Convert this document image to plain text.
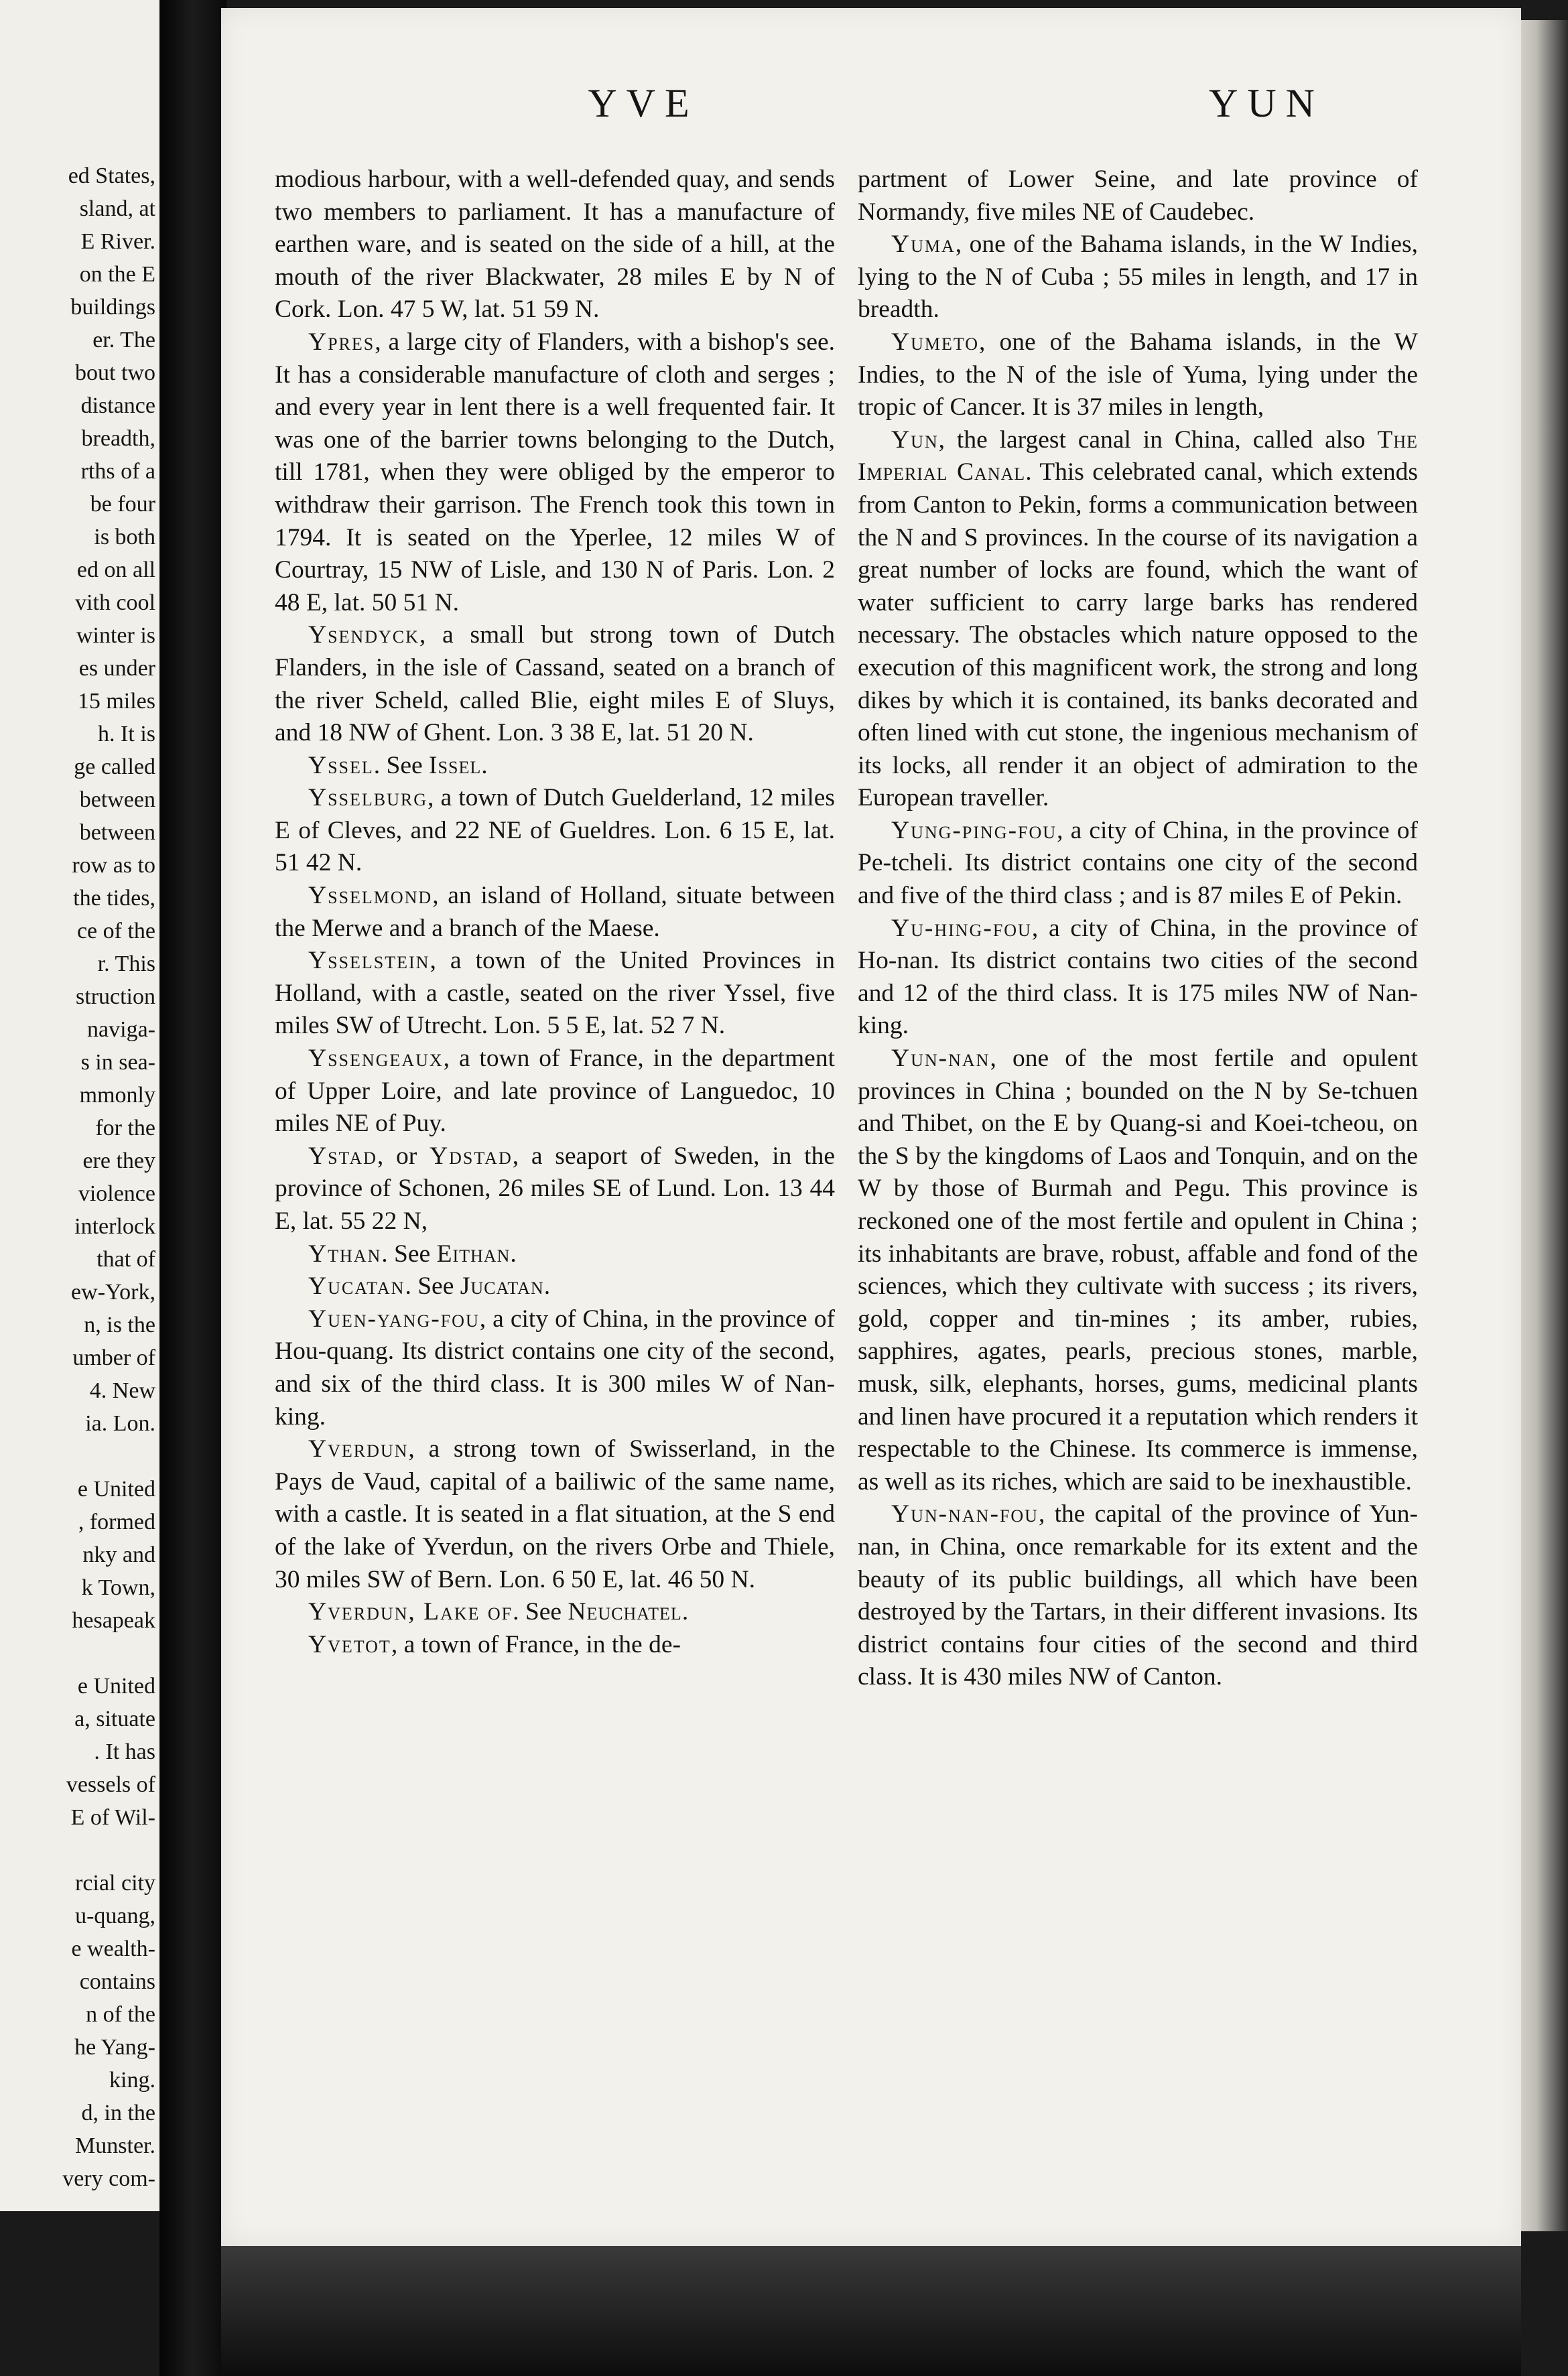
ed States,
sland, at
E River.
on the E
buildings
er. The
bout two
distance
breadth,
rths of a
be four
is both
ed on all
vith cool
winter is
es under
15 miles
h. It is
ge called
between
between
row as to
the tides,
ce of the
r. This
struction
naviga-
s in sea-
mmonly
for the
ere they
violence
interlock
that of
ew-York,
n, is the
umber of
4. New
ia. Lon.

e United
, formed
nky and
k Town,
hesapeak

e United
a, situate
. It has
vessels of
E of Wil-

rcial city
u-quang,
e wealth-
contains
n of the
he Yang-
king.
d, in the
Munster.
very com-
YVE	YUN

modious harbour, with a well-defended quay, and sends two members to parliament. It has a manufacture of earthen ware, and is seated on the side of a hill, at the mouth of the river Blackwater, 28 miles E by N of Cork. Lon. 47 5 W, lat. 51 59 N.

Ypres, a large city of Flanders, with a bishop's see. It has a considerable manufacture of cloth and serges ; and every year in lent there is a well frequented fair. It was one of the barrier towns belonging to the Dutch, till 1781, when they were obliged by the emperor to withdraw their garrison. The French took this town in 1794. It is seated on the Yperlee, 12 miles W of Courtray, 15 NW of Lisle, and 130 N of Paris. Lon. 2 48 E, lat. 50 51 N.

Ysendyck, a small but strong town of Dutch Flanders, in the isle of Cassand, seated on a branch of the river Scheld, called Blie, eight miles E of Sluys, and 18 NW of Ghent. Lon. 3 38 E, lat. 51 20 N.

Yssel. See Issel.

Ysselburg, a town of Dutch Guelderland, 12 miles E of Cleves, and 22 NE of Gueldres. Lon. 6 15 E, lat. 51 42 N.

Ysselmond, an island of Holland, situate between the Merwe and a branch of the Maese.

Ysselstein, a town of the United Provinces in Holland, with a castle, seated on the river Yssel, five miles SW of Utrecht. Lon. 5 5 E, lat. 52 7 N.

Yssengeaux, a town of France, in the department of Upper Loire, and late province of Languedoc, 10 miles NE of Puy.

Ystad, or Ydstad, a seaport of Sweden, in the province of Schonen, 26 miles SE of Lund. Lon. 13 44 E, lat. 55 22 N,

Ythan. See Eithan.

Yucatan. See Jucatan.

Yuen-yang-fou, a city of China, in the province of Hou-quang. Its district contains one city of the second, and six of the third class. It is 300 miles W of Nan-king.

Yverdun, a strong town of Swisserland, in the Pays de Vaud, capital of a bailiwic of the same name, with a castle. It is seated in a flat situation, at the S end of the lake of Yverdun, on the rivers Orbe and Thiele, 30 miles SW of Bern. Lon. 6 50 E, lat. 46 50 N.

Yverdun, Lake of. See Neuchatel.

Yvetot, a town of France, in the de-

partment of Lower Seine, and late province of Normandy, five miles NE of Caudebec.

Yuma, one of the Bahama islands, in the W Indies, lying to the N of Cuba ; 55 miles in length, and 17 in breadth.

Yumeto, one of the Bahama islands, in the W Indies, to the N of the isle of Yuma, lying under the tropic of Cancer. It is 37 miles in length,

Yun, the largest canal in China, called also The Imperial Canal. This celebrated canal, which extends from Canton to Pekin, forms a communication between the N and S provinces. In the course of its navigation a great number of locks are found, which the want of water sufficient to carry large barks has rendered necessary. The obstacles which nature opposed to the execution of this magnificent work, the strong and long dikes by which it is contained, its banks decorated and often lined with cut stone, the ingenious mechanism of its locks, all render it an object of admiration to the European traveller.

Yung-ping-fou, a city of China, in the province of Pe-tcheli. Its district contains one city of the second and five of the third class ; and is 87 miles E of Pekin.

Yu-hing-fou, a city of China, in the province of Ho-nan. Its district contains two cities of the second and 12 of the third class. It is 175 miles NW of Nan-king.

Yun-nan, one of the most fertile and opulent provinces in China ; bounded on the N by Se-tchuen and Thibet, on the E by Quang-si and Koei-tcheou, on the S by the kingdoms of Laos and Tonquin, and on the W by those of Burmah and Pegu. This province is reckoned one of the most fertile and opulent in China ; its inhabitants are brave, robust, affable and fond of the sciences, which they cultivate with success ; its rivers, gold, copper and tin-mines ; its amber, rubies, sapphires, agates, pearls, precious stones, marble, musk, silk, elephants, horses, gums, medicinal plants and linen have procured it a reputation which renders it respectable to the Chinese. Its commerce is immense, as well as its riches, which are said to be inexhaustible.

Yun-nan-fou, the capital of the province of Yun-nan, in China, once remarkable for its extent and the beauty of its public buildings, all which have been destroyed by the Tartars, in their different invasions. Its district contains four cities of the second and third class. It is 430 miles NW of Canton.
